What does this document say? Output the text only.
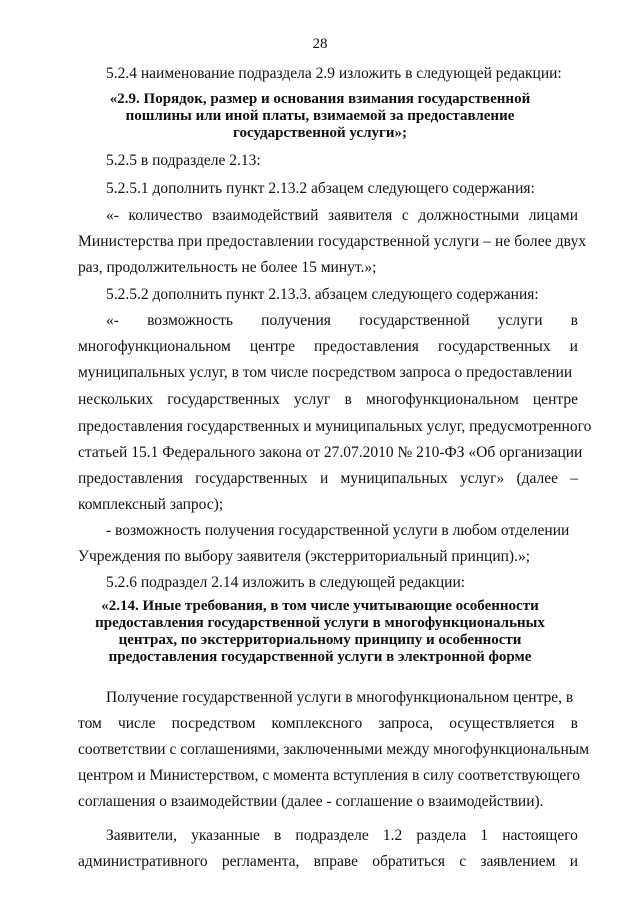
28
5.2.4 наименование подраздела 2.9 изложить в следующей редакции:
«2.9. Порядок, размер и основания взимания государственной
пошлины или иной платы, взимаемой за предоставление
государственной услуги»;
5.2.5 в подразделе 2.13:
5.2.5.1 дополнить пункт 2.13.2 абзацем следующего содержания:
«- количество взаимодействий заявителя с должностными лицами
Министерства при предоставлении государственной услуги – не более двух
раз, продолжительность не более 15 минут.»;
5.2.5.2 дополнить пункт 2.13.3. абзацем следующего содержания:
«- возможность получения государственной услуги в
многофункциональном центре предоставления государственных и
муниципальных услуг, в том числе посредством запроса о предоставлении
нескольких государственных услуг в многофункциональном центре
предоставления государственных и муниципальных услуг, предусмотренного
статьей 15.1 Федерального закона от 27.07.2010 № 210-ФЗ «Об организации
предоставления государственных и муниципальных услуг» (далее –
комплексный запрос);
- возможность получения государственной услуги в любом отделении
Учреждения по выбору заявителя (экстерриториальный принцип).»;
5.2.6 подраздел 2.14 изложить в следующей редакции:
«2.14. Иные требования, в том числе учитывающие особенности
предоставления государственной услуги в многофункциональных
центрах, по экстерриториальному принципу и особенности
предоставления государственной услуги в электронной форме
Получение государственной услуги в многофункциональном центре, в
том числе посредством комплексного запроса, осуществляется в
соответствии с соглашениями, заключенными между многофункциональным
центром и Министерством, с момента вступления в силу соответствующего
соглашения о взаимодействии (далее - соглашение о взаимодействии).
Заявители, указанные в подразделе 1.2 раздела 1 настоящего
административного регламента, вправе обратиться с заявлением и
